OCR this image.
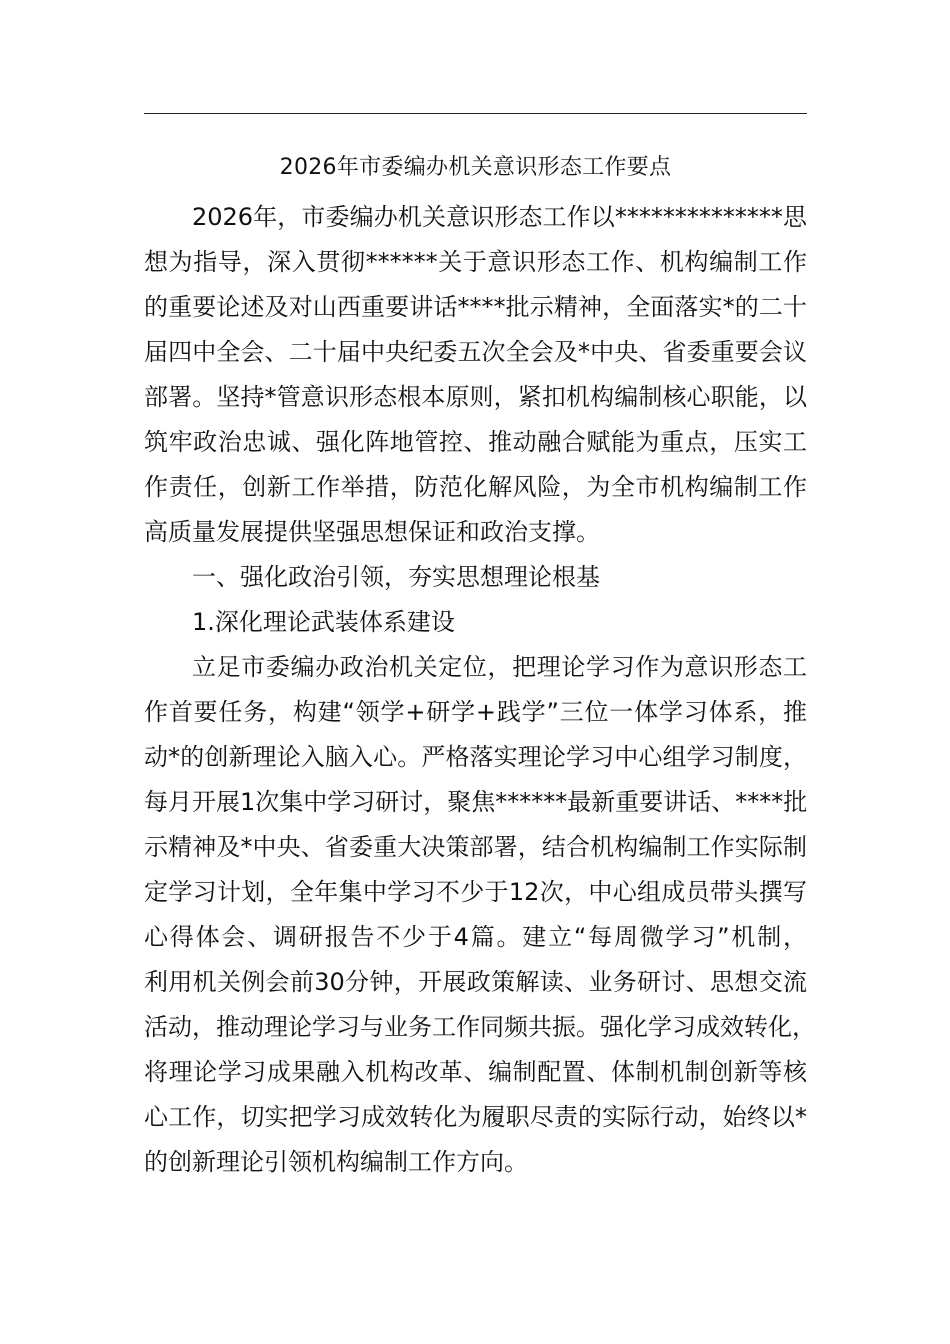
2026年市委编办机关意识形态工作要点
2026年，市委编办机关意识形态工作以**************思
想为指导，深入贯彻******关于意识形态工作、机构编制工作
的重要论述及对山西重要讲话****批示精神，全面落实*的二十
届四中全会、二十届中央纪委五次全会及*中央、省委重要会议
部署。坚持*管意识形态根本原则，紧扣机构编制核心职能，以
筑牢政治忠诚、强化阵地管控、推动融合赋能为重点，压实工
作责任，创新工作举措，防范化解风险，为全市机构编制工作
高质量发展提供坚强思想保证和政治支撑。
一、强化政治引领，夯实思想理论根基
1.深化理论武装体系建设
立足市委编办政治机关定位，把理论学习作为意识形态工
作首要任务，构建“领学+研学+践学”三位一体学习体系，推
动*的创新理论入脑入心。严格落实理论学习中心组学习制度，
每月开展1次集中学习研讨，聚焦******最新重要讲话、****批
示精神及*中央、省委重大决策部署，结合机构编制工作实际制
定学习计划，全年集中学习不少于12次，中心组成员带头撰写
心得体会、调研报告不少于4篇。建立“每周微学习”机制，
利用机关例会前30分钟，开展政策解读、业务研讨、思想交流
活动，推动理论学习与业务工作同频共振。强化学习成效转化，
将理论学习成果融入机构改革、编制配置、体制机制创新等核
心工作，切实把学习成效转化为履职尽责的实际行动，始终以*
的创新理论引领机构编制工作方向。
